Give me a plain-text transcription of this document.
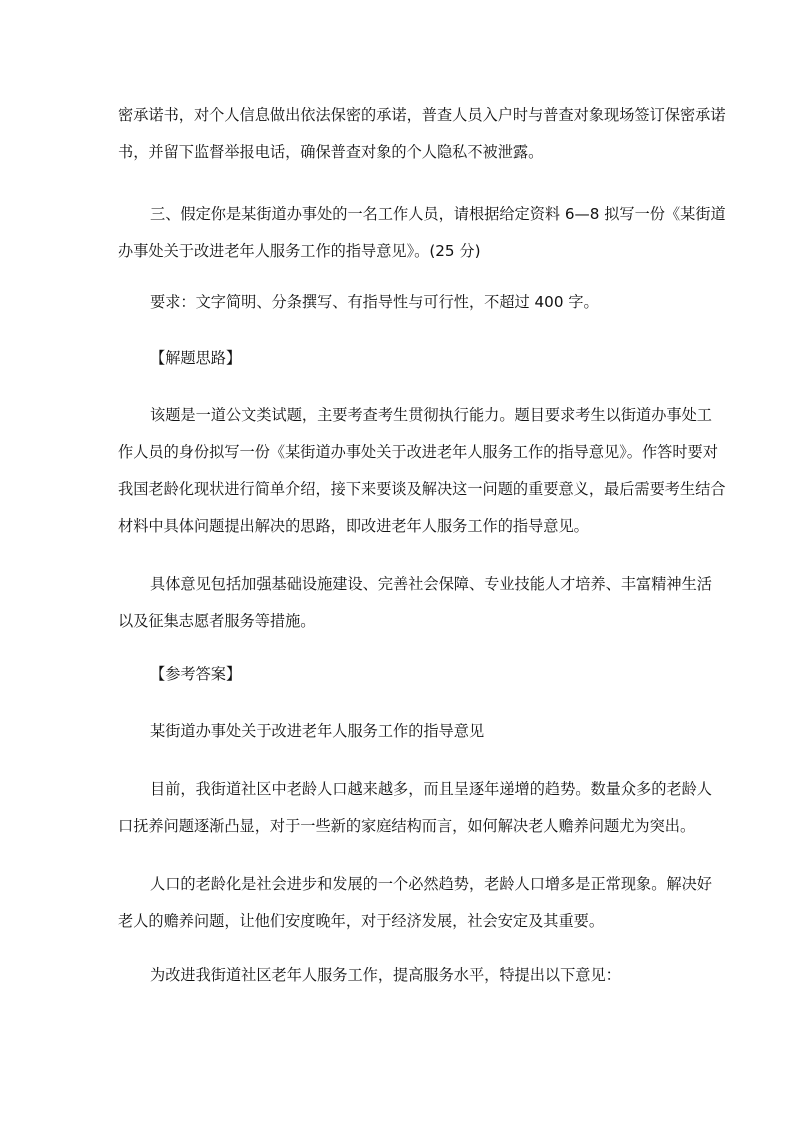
密承诺书，对个人信息做出依法保密的承诺，普查人员入户时与普查对象现场签订保密承诺
书，并留下监督举报电话，确保普查对象的个人隐私不被泄露。

三、假定你是某街道办事处的一名工作人员，请根据给定资料 6—8 拟写一份《某街道
办事处关于改进老年人服务工作的指导意见》。(25 分)

要求：文字简明、分条撰写、有指导性与可行性，不超过 400 字。

【解题思路】

该题是一道公文类试题，主要考查考生贯彻执行能力。题目要求考生以街道办事处工
作人员的身份拟写一份《某街道办事处关于改进老年人服务工作的指导意见》。作答时要对
我国老龄化现状进行简单介绍，接下来要谈及解决这一问题的重要意义，最后需要考生结合
材料中具体问题提出解决的思路，即改进老年人服务工作的指导意见。

具体意见包括加强基础设施建设、完善社会保障、专业技能人才培养、丰富精神生活
以及征集志愿者服务等措施。

【参考答案】

某街道办事处关于改进老年人服务工作的指导意见

目前，我街道社区中老龄人口越来越多，而且呈逐年递增的趋势。数量众多的老龄人
口抚养问题逐渐凸显，对于一些新的家庭结构而言，如何解决老人赡养问题尤为突出。

人口的老龄化是社会进步和发展的一个必然趋势，老龄人口增多是正常现象。解决好
老人的赡养问题，让他们安度晚年，对于经济发展，社会安定及其重要。

为改进我街道社区老年人服务工作，提高服务水平，特提出以下意见：
